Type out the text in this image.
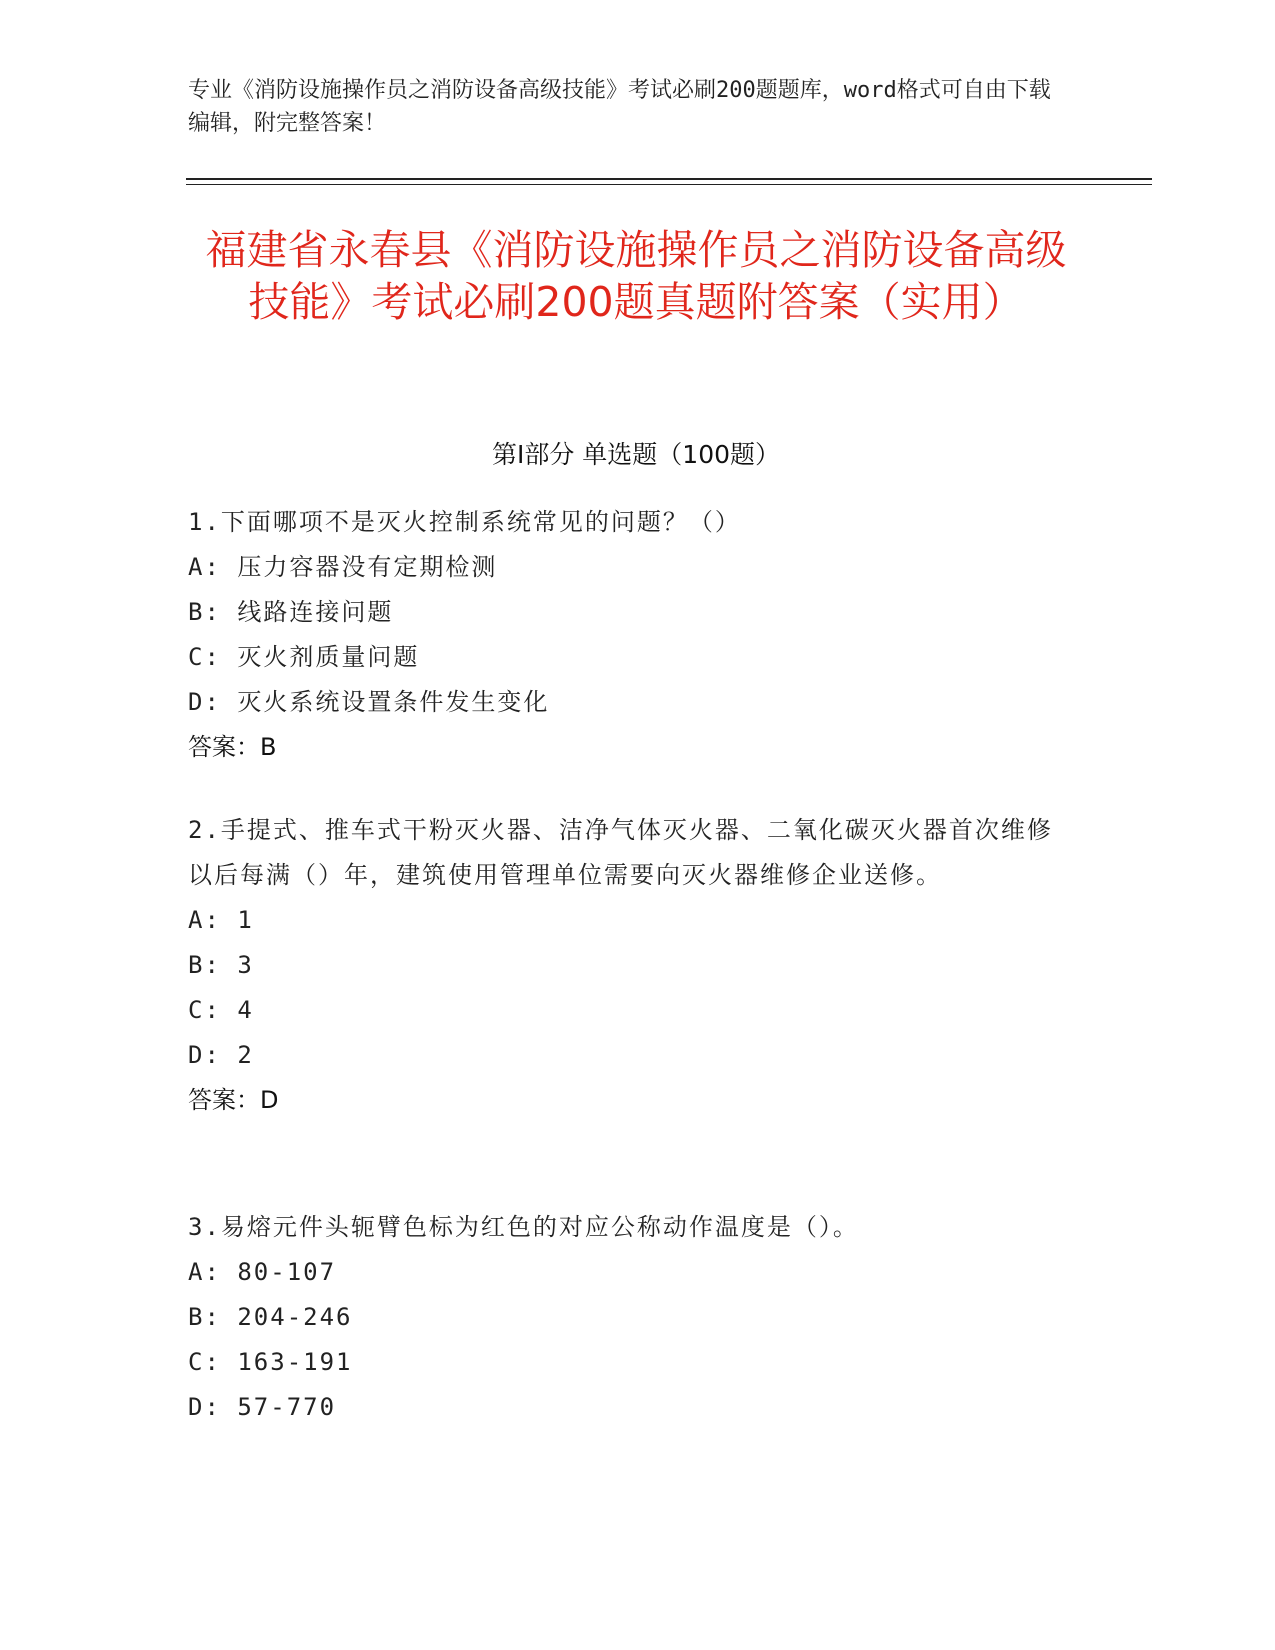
专业《消防设施操作员之消防设备高级技能》考试必刷200题题库，word格式可自由下载编辑，附完整答案！

福建省永春县《消防设施操作员之消防设备高级技能》考试必刷200题真题附答案（实用）
第Ⅰ部分 单选题（100题）

1.下面哪项不是灭火控制系统常见的问题？（）

A: 压力容器没有定期检测

B: 线路连接问题

C: 灭火剂质量问题

D: 灭火系统设置条件发生变化

答案：B

2.手提式、推车式干粉灭火器、洁净气体灭火器、二氧化碳灭火器首次维修以后每满（）年，建筑使用管理单位需要向灭火器维修企业送修。

A: 1

B: 3

C: 4

D: 2

答案：D

3.易熔元件头轭臂色标为红色的对应公称动作温度是（）。

A: 80-107

B: 204-246

C: 163-191

D: 57-770
